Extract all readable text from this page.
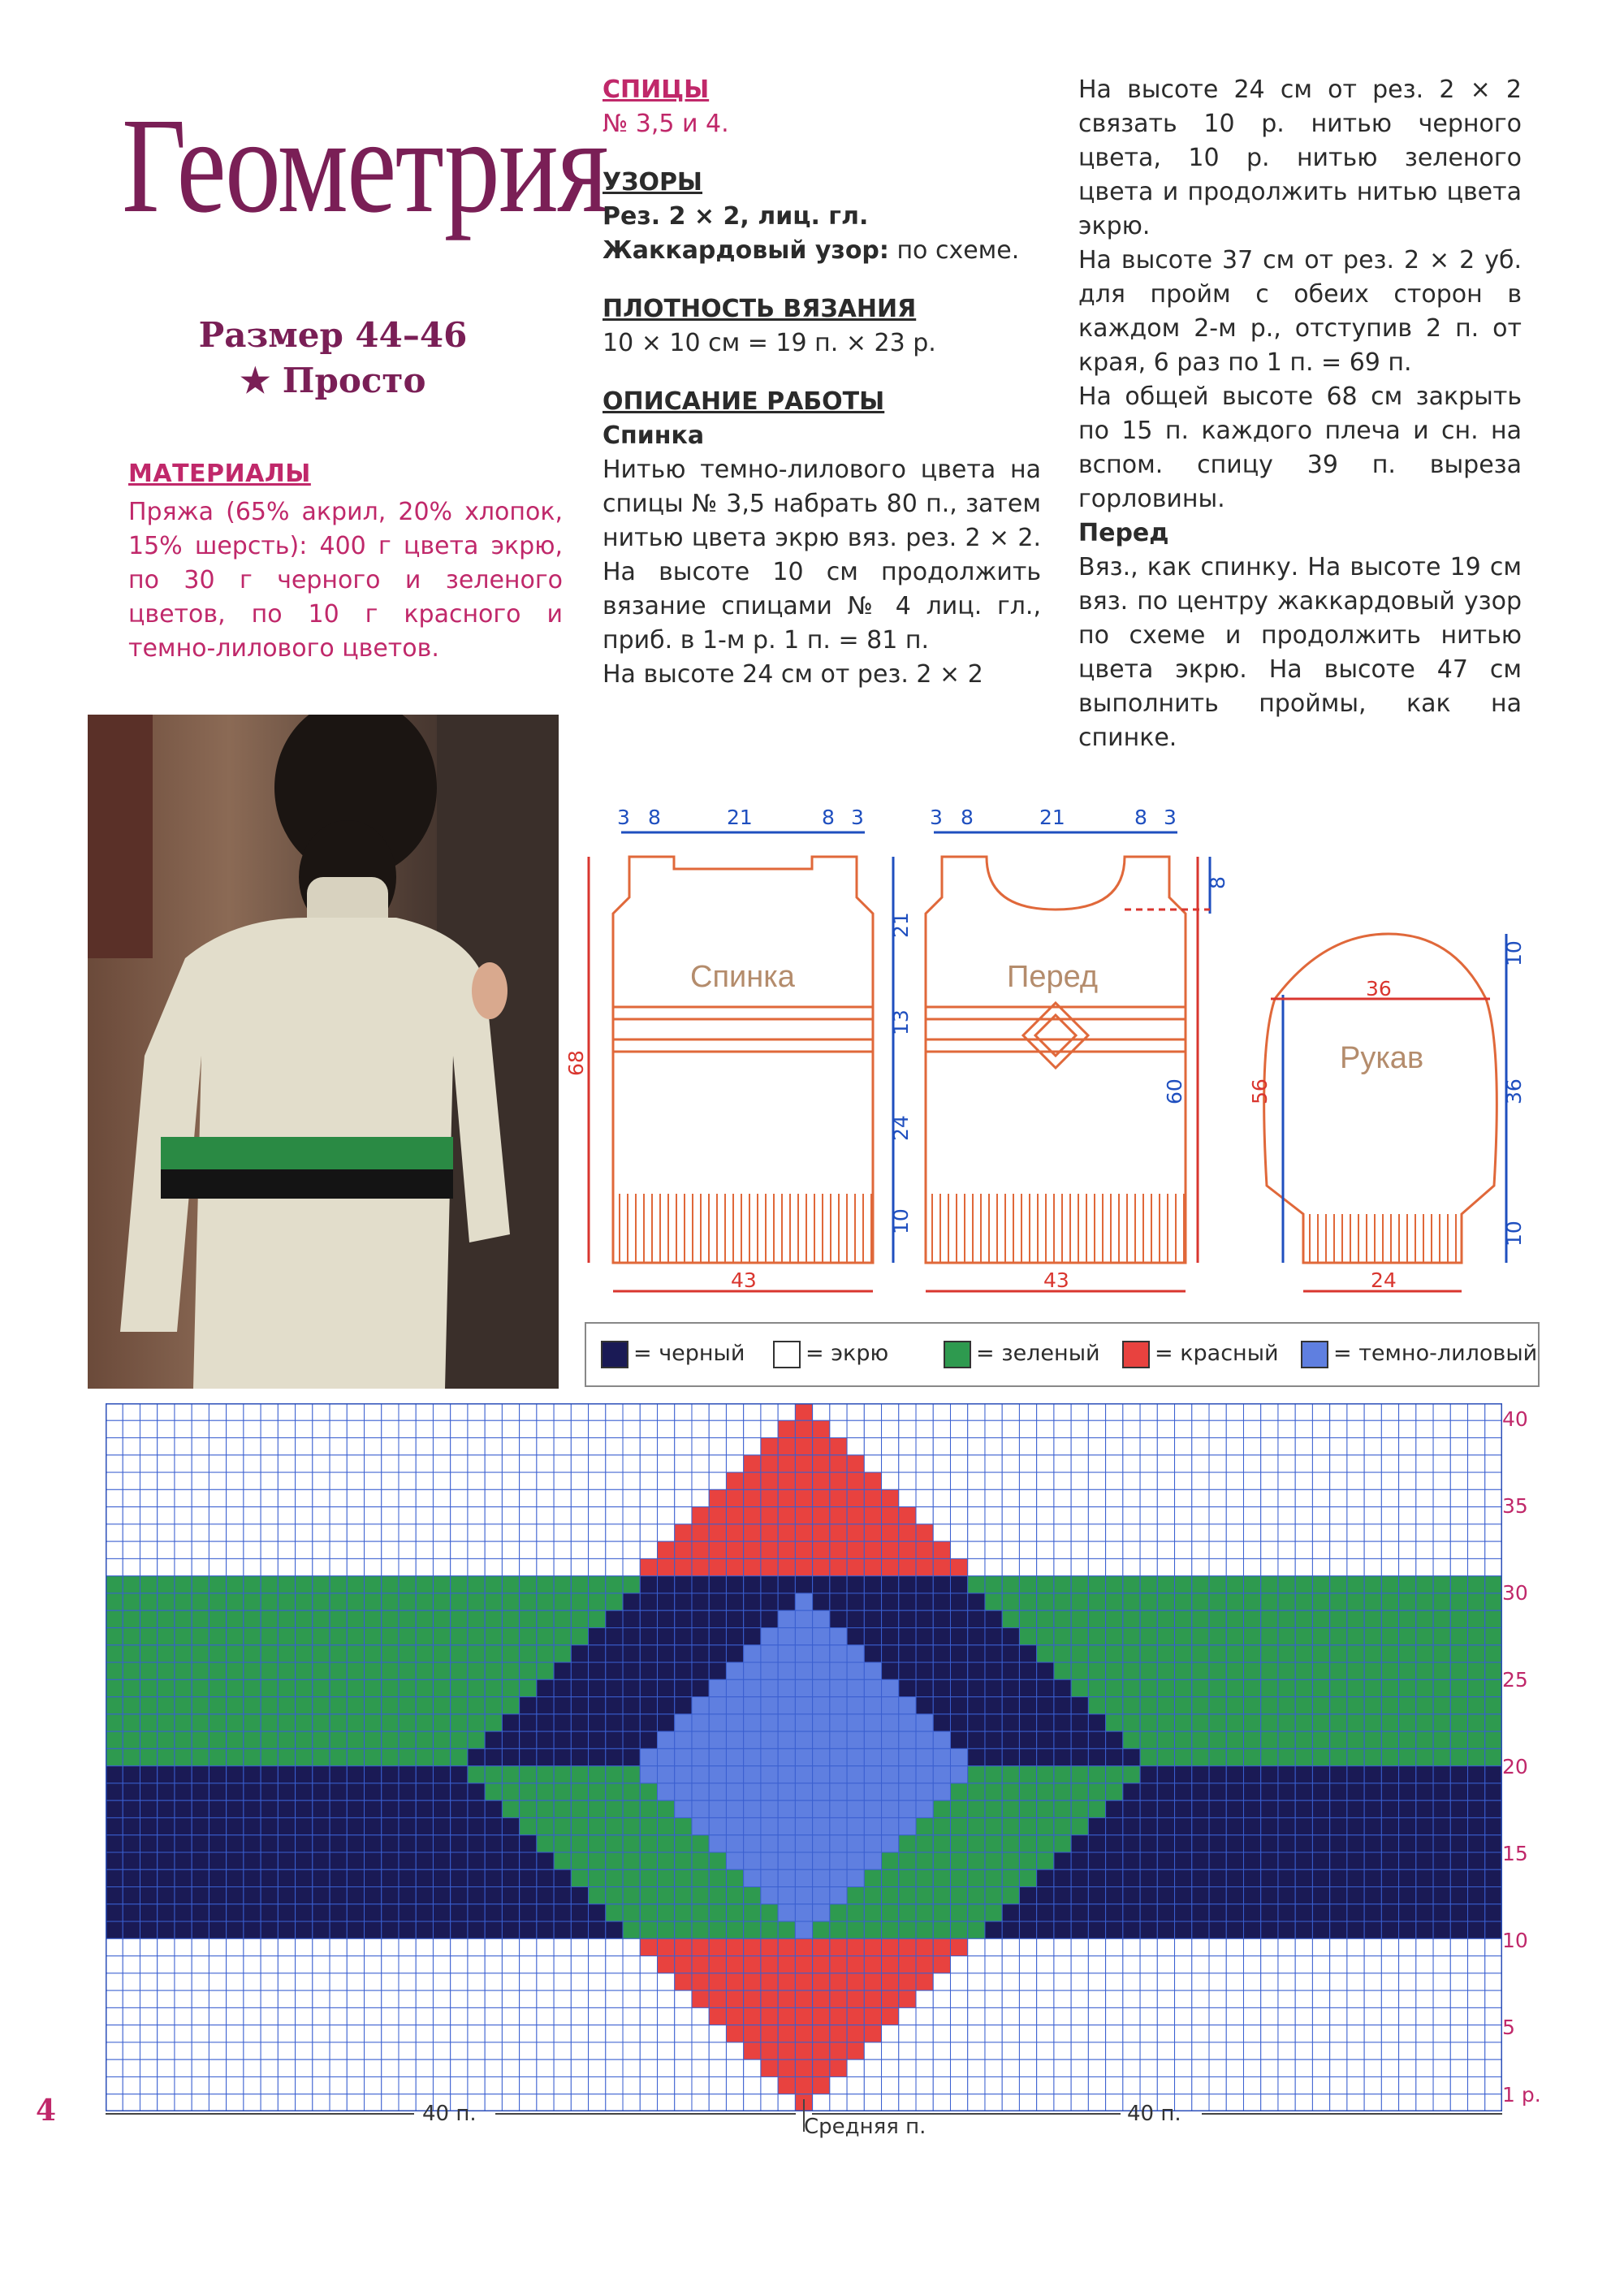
Геометрия
Размер 44–46
★ Просто
МАТЕРИАЛЫ
Пряжа (65% акрил, 20% хлопок, 15% шерсть): 400 г цвета экрю, по 30 г черного и зеленого цветов, по 10 г красного и темно-лилового цветов.
СПИЦЫ

№ 3,5 и 4.

УЗОРЫ

Рез. 2 × 2, лиц. гл.

Жаккардовый узор: по схеме.

ПЛОТНОСТЬ ВЯЗАНИЯ

10 × 10 см = 19 п. × 23 р.

ОПИСАНИЕ РАБОТЫ

Спинка

Нитью темно-лилового цвета на спицы № 3,5 набрать 80 п., затем нитью цвета экрю вяз. рез. 2 × 2. На высоте 10 см продолжить вязание спицами № 4 лиц. гл., приб. в 1-м р. 1 п. = 81 п.

На высоте 24 см от рез. 2 × 2

На высоте 24 см от рез. 2 × 2 связать 10 р. нитью черного цвета, 10 р. нитью зеленого цвета и продолжить нитью цвета экрю.

На высоте 37 см от рез. 2 × 2 уб. для пройм с обеих сторон в каждом 2-м р., отступив 2 п. от края, 6 раз по 1 п. = 69 п.

На общей высоте 68 см закрыть по 15 п. каждого плеча и сн. на вспом. спицу 39 п. выреза горловины.

Перед

Вяз., как спинку. На высоте 19 см вяз. по центру жаккардовый узор по схеме и продолжить нитью цвета экрю. На высоте 47 см выполнить проймы, как на спинке.

Спинка	Перед
Рукав
3 8	21	8 3	3 8	21	8 3
21
13
24
10
8
10
36
10
60
68
43	43
56
36
24
= черный	= экрю	= зеленый	= красный	= темно-лиловый
40
35
30
25
20
15
10
5
1 р.
40 п.	40 п.
Средняя п.
4
